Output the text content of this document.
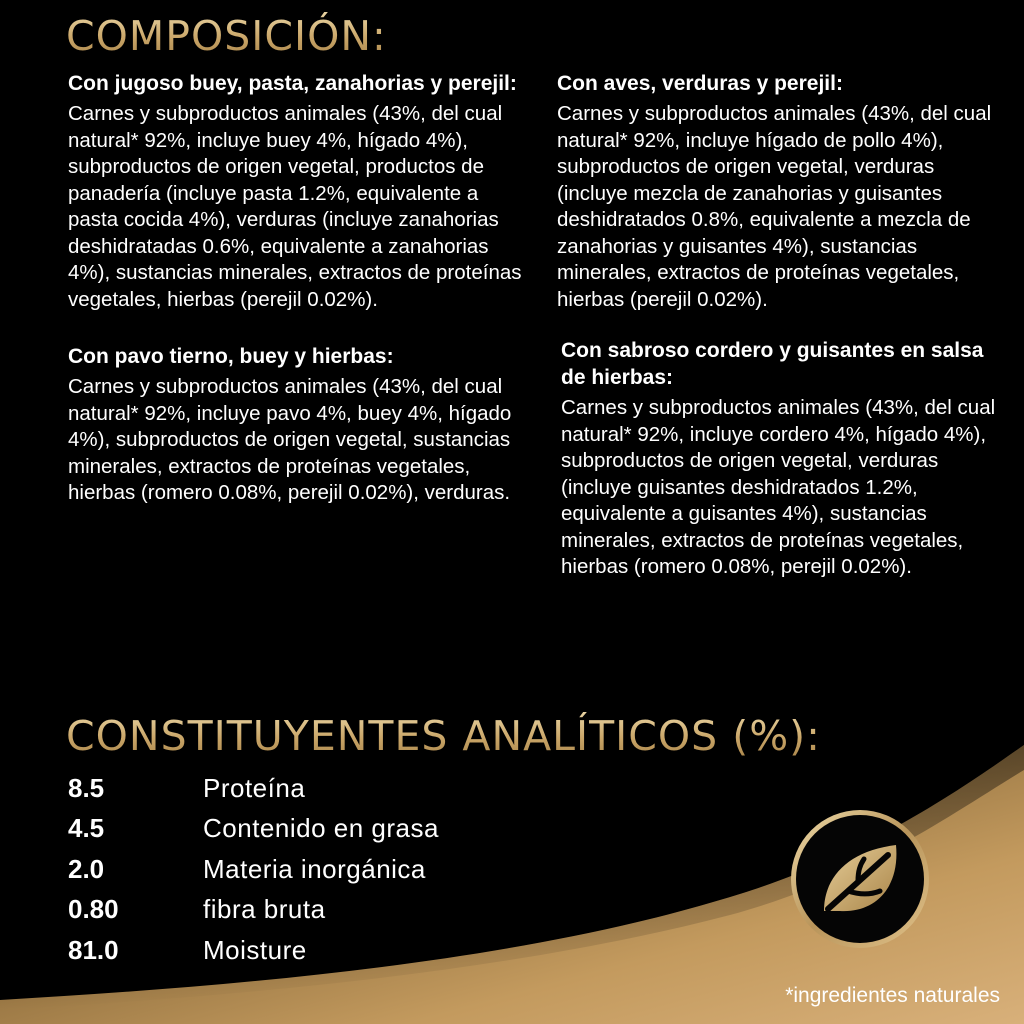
COMPOSICIÓN:

Con jugoso buey, pasta, zanahorias y perejil:

Carnes y subproductos animales (43%, del cual natural* 92%, incluye buey 4%, hígado 4%), subproductos de origen vegetal, productos de panadería (incluye pasta 1.2%, equivalente a pasta cocida 4%), verduras (incluye zanahorias deshidratadas 0.6%, equivalente a zanahorias 4%), sustancias minerales, extractos de proteínas vegetales, hierbas (perejil 0.02%).

Con pavo tierno, buey y hierbas:

Carnes y subproductos animales (43%, del cual natural* 92%, incluye pavo 4%, buey 4%, hígado 4%), subproductos de origen vegetal, sustancias minerales, extractos de proteínas vegetales, hierbas (romero 0.08%, perejil 0.02%), verduras.

Con aves, verduras y perejil:

Carnes y subproductos animales (43%, del cual natural* 92%, incluye hígado de pollo 4%), subproductos de origen vegetal, verduras (incluye mezcla de zanahorias y guisantes deshidratados 0.8%, equivalente a mezcla de zanahorias y guisantes 4%), sustancias minerales, extractos de proteínas vegetales, hierbas (perejil 0.02%).

Con sabroso cordero y guisantes en salsa de hierbas:

Carnes y subproductos animales (43%, del cual natural* 92%, incluye cordero 4%, hígado 4%), subproductos de origen vegetal, verduras (incluye guisantes deshidratados 1.2%, equivalente a guisantes 4%), sustancias minerales, extractos de proteínas vegetales, hierbas (romero 0.08%, perejil 0.02%).

CONSTITUYENTES ANALÍTICOS (%):
8.5	Proteína
4.5	Contenido en grasa
2.0	Materia inorgánica
0.80	fibra bruta
81.0	Moisture
*ingredientes naturales
